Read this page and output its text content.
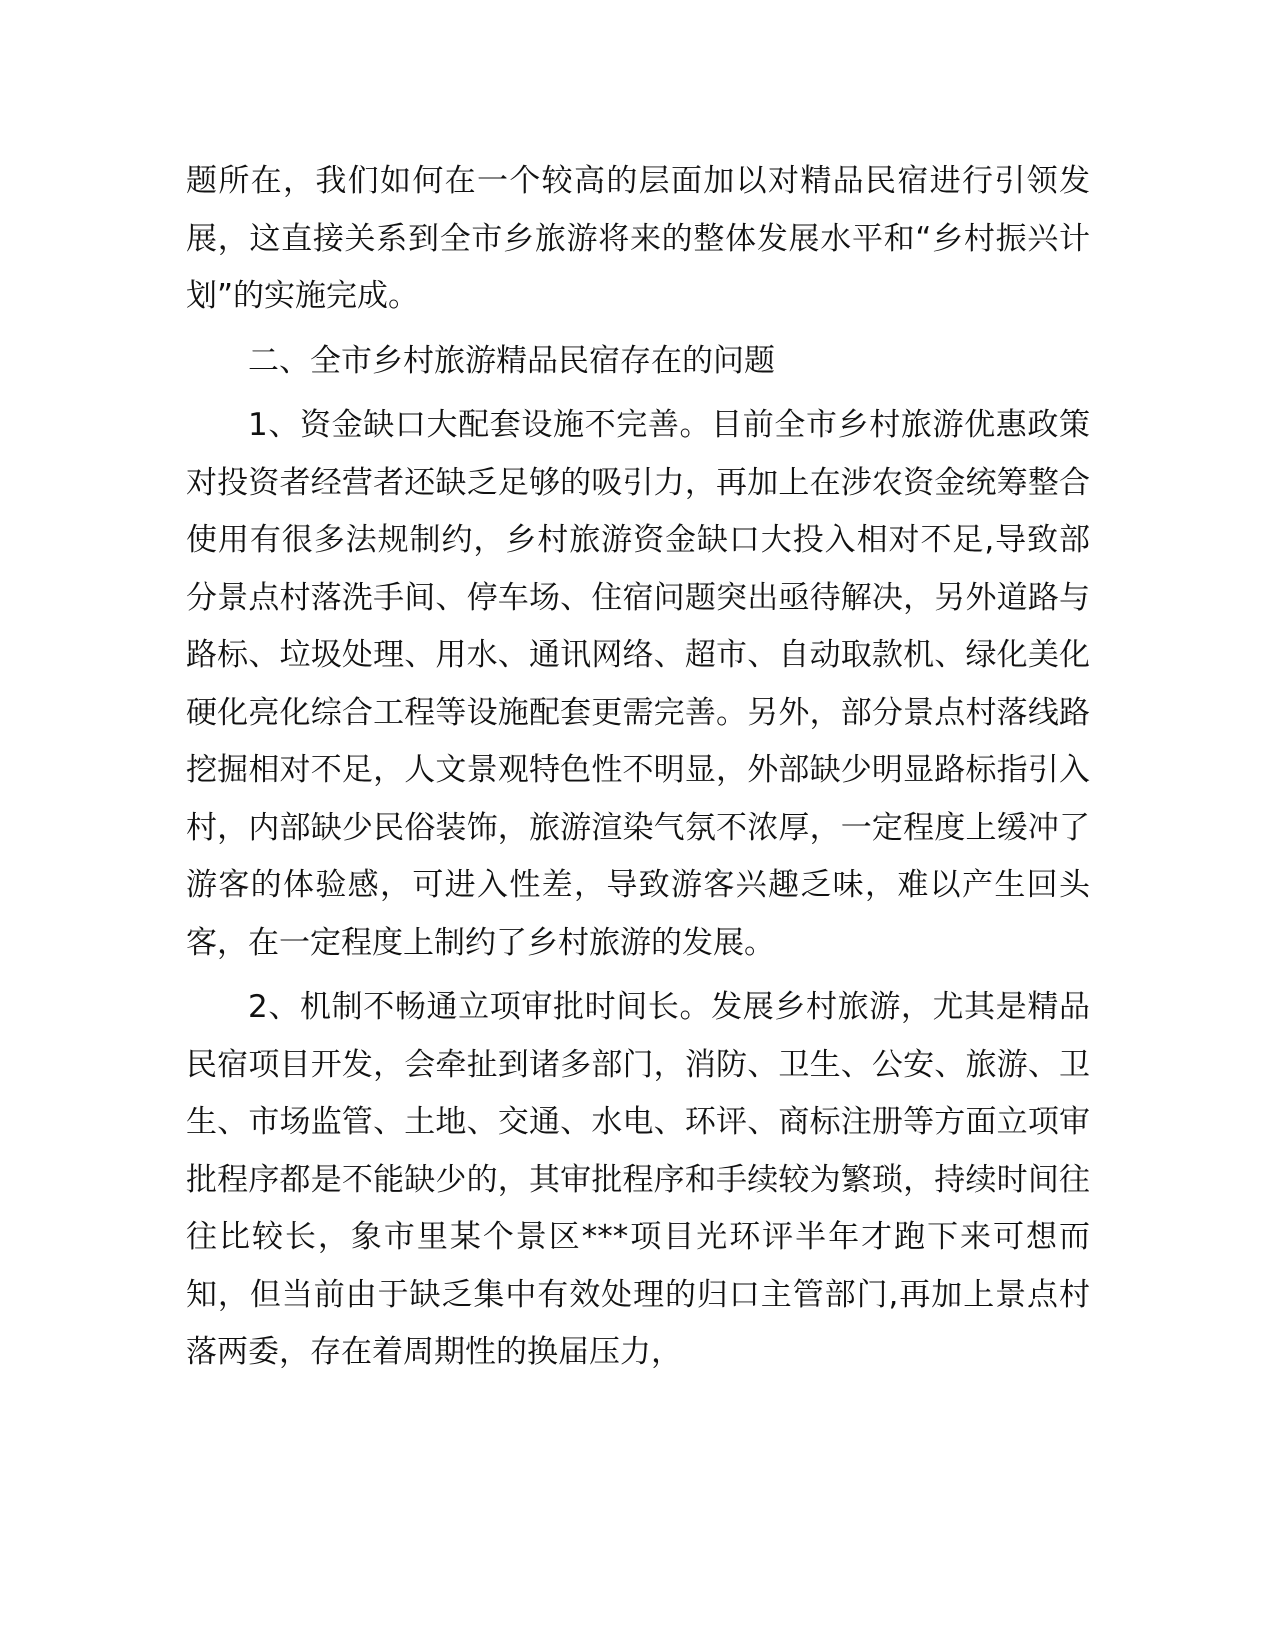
题所在，我们如何在一个较高的层面加以对精品民宿进行引领发展，这直接关系到全市乡旅游将来的整体发展水平和“乡村振兴计划”的实施完成。

二、全市乡村旅游精品民宿存在的问题

1、资金缺口大配套设施不完善。目前全市乡村旅游优惠政策对投资者经营者还缺乏足够的吸引力，再加上在涉农资金统筹整合使用有很多法规制约，乡村旅游资金缺口大投入相对不足,导致部分景点村落洗手间、停车场、住宿问题突出亟待解决，另外道路与路标、垃圾处理、用水、通讯网络、超市、自动取款机、绿化美化硬化亮化综合工程等设施配套更需完善。另外，部分景点村落线路挖掘相对不足，人文景观特色性不明显，外部缺少明显路标指引入村，内部缺少民俗装饰，旅游渲染气氛不浓厚，一定程度上缓冲了游客的体验感，可进入性差，导致游客兴趣乏味，难以产生回头客，在一定程度上制约了乡村旅游的发展。

2、机制不畅通立项审批时间长。发展乡村旅游，尤其是精品民宿项目开发，会牵扯到诸多部门，消防、卫生、公安、旅游、卫生、市场监管、土地、交通、水电、环评、商标注册等方面立项审批程序都是不能缺少的，其审批程序和手续较为繁琐，持续时间往往比较长，象市里某个景区***项目光环评半年才跑下来可想而知，但当前由于缺乏集中有效处理的归口主管部门,再加上景点村落两委，存在着周期性的换届压力，
